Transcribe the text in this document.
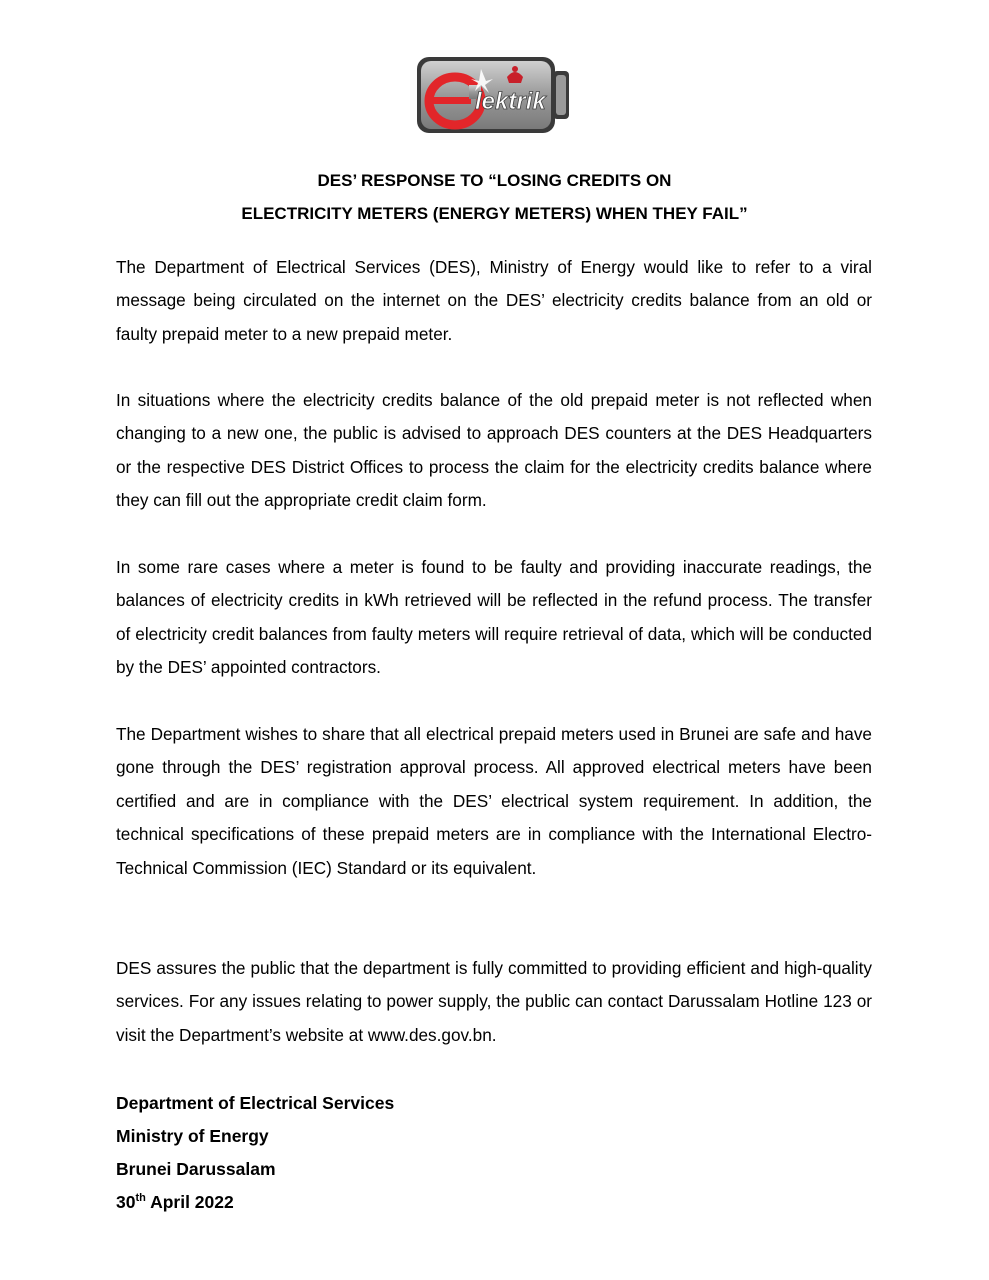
lektrik

DES’ RESPONSE TO “LOSING CREDITS ON

ELECTRICITY METERS (ENERGY METERS) WHEN THEY FAIL”

The Department of Electrical Services (DES), Ministry of Energy would like to refer to a viral message being circulated on the internet on the DES’ electricity credits balance from an old or faulty prepaid meter to a new prepaid meter.

In situations where the electricity credits balance of the old prepaid meter is not reflected when changing to a new one, the public is advised to approach DES counters at the DES Headquarters or the respective DES District Offices to process the claim for the electricity credits balance where they can fill out the appropriate credit claim form.

In some rare cases where a meter is found to be faulty and providing inaccurate readings, the balances of electricity credits in kWh retrieved will be reflected in the refund process. The transfer of electricity credit balances from faulty meters will require retrieval of data, which will be conducted by the DES’ appointed contractors.

The Department wishes to share that all electrical prepaid meters used in Brunei are safe and have gone through the DES’ registration approval process. All approved electrical meters have been certified and are in compliance with the DES’ electrical system requirement. In addition, the technical specifications of these prepaid meters are in compliance with the International Electro-Technical Commission (IEC) Standard or its equivalent.

DES assures the public that the department is fully committed to providing efficient and high-quality services. For any issues relating to power supply, the public can contact Darussalam Hotline 123 or visit the Department’s website at www.des.gov.bn.

Department of Electrical Services

Ministry of Energy

Brunei Darussalam

30th April 2022
